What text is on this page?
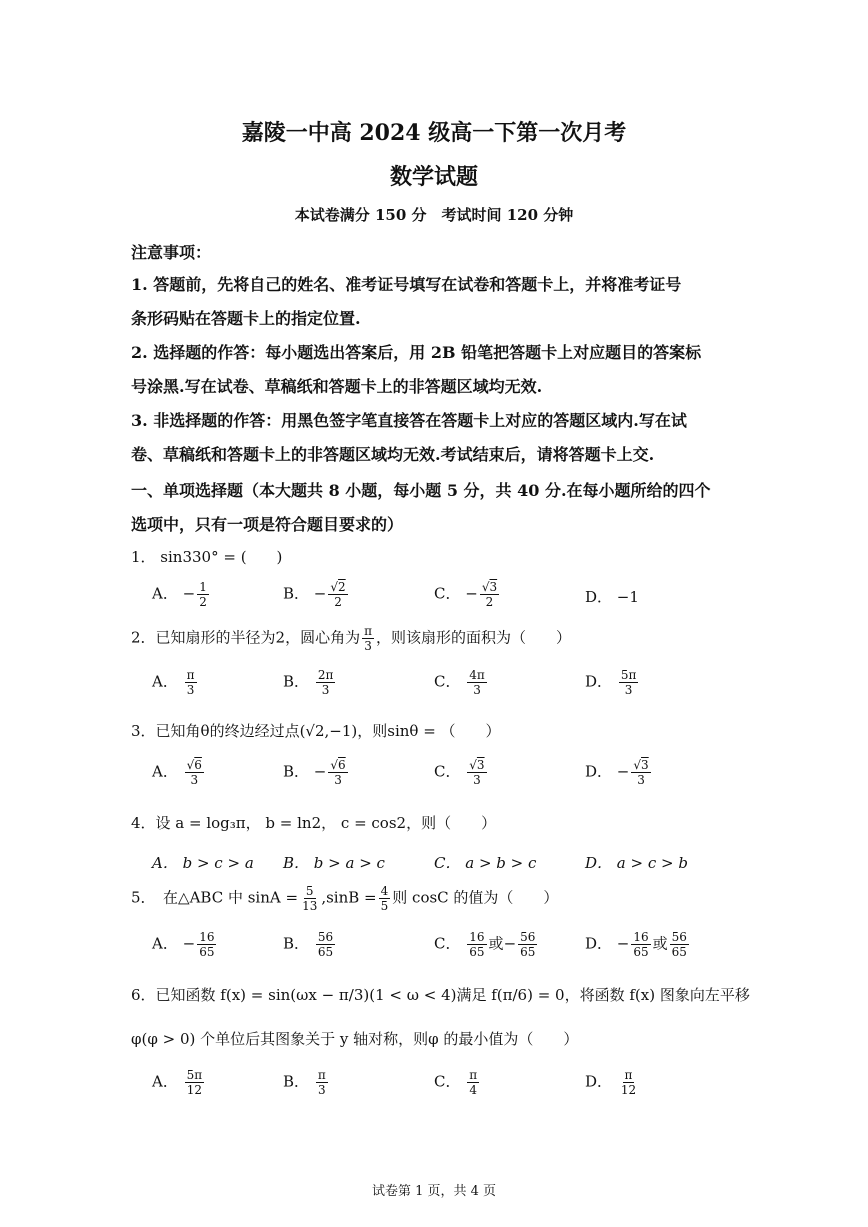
嘉陵一中高 2024 级高一下第一次月考
数学试题
本试卷满分 150 分　考试时间 120 分钟
注意事项：
1. 答题前，先将自己的姓名、准考证号填写在试卷和答题卡上，并将准考证号
条形码贴在答题卡上的指定位置.
2. 选择题的作答：每小题选出答案后，用 2B 铅笔把答题卡上对应题目的答案标
号涂黑.写在试卷、草稿纸和答题卡上的非答题区域均无效.
3. 非选择题的作答：用黑色签字笔直接答在答题卡上对应的答题区域内.写在试
卷、草稿纸和答题卡上的非答题区域均无效.考试结束后，请将答题卡上交.
一、单项选择题（本大题共 8 小题，每小题 5 分，共 40 分.在每小题所给的四个
选项中，只有一项是符合题目要求的）
1． sin330° = (　　)
A． − $\frac{1}{2}$	B． − $\frac{√2}{2}$	C． − $\frac{√3}{2}$	D． −1
2．已知扇形的半径为2，圆心角为 $\frac{\pi}{3}$ ，则该扇形的面积为（　　）
A． $\frac{\pi}{3}$	B． $\frac{2\pi}{3}$	C． $\frac{4\pi}{3}$	D． $\frac{5\pi}{3}$
3．已知角θ的终边经过点(√2,−1)，则sinθ = （　　）
A． $\frac{√6}{3}$	B． − $\frac{√6}{3}$	C． $\frac{√3}{3}$	D． − $\frac{√3}{3}$
4．设 a = log₃π， b = ln2， c = cos2，则（　　）
A． b > c > a B． b > a > c	C． a > b > c	D． a > c > b
5．　在△ABC 中 $\sin A = \frac{5}{13} ,\sin B = \frac{4}{5}$ 则 cosC 的值为（　　）
A． − $\frac{16}{65}$	B． $\frac{56}{65}$	C． $\frac{16}{65}$ 或− $\frac{56}{65}$	D． − $\frac{16}{65}$ 或 $\frac{56}{65}$
6．已知函数 f(x) = sin(ωx − π/3)(1 < ω < 4)满足 f(π/6) = 0，将函数 f(x) 图象向左平移
φ(φ > 0) 个单位后其图象关于 y 轴对称，则φ 的最小值为（　　）
A． $\frac{5\pi}{12}$	B． $\frac{\pi}{3}$	C． $\frac{\pi}{4}$	D． $\frac{\pi}{12}$
试卷第 1 页，共 4 页
